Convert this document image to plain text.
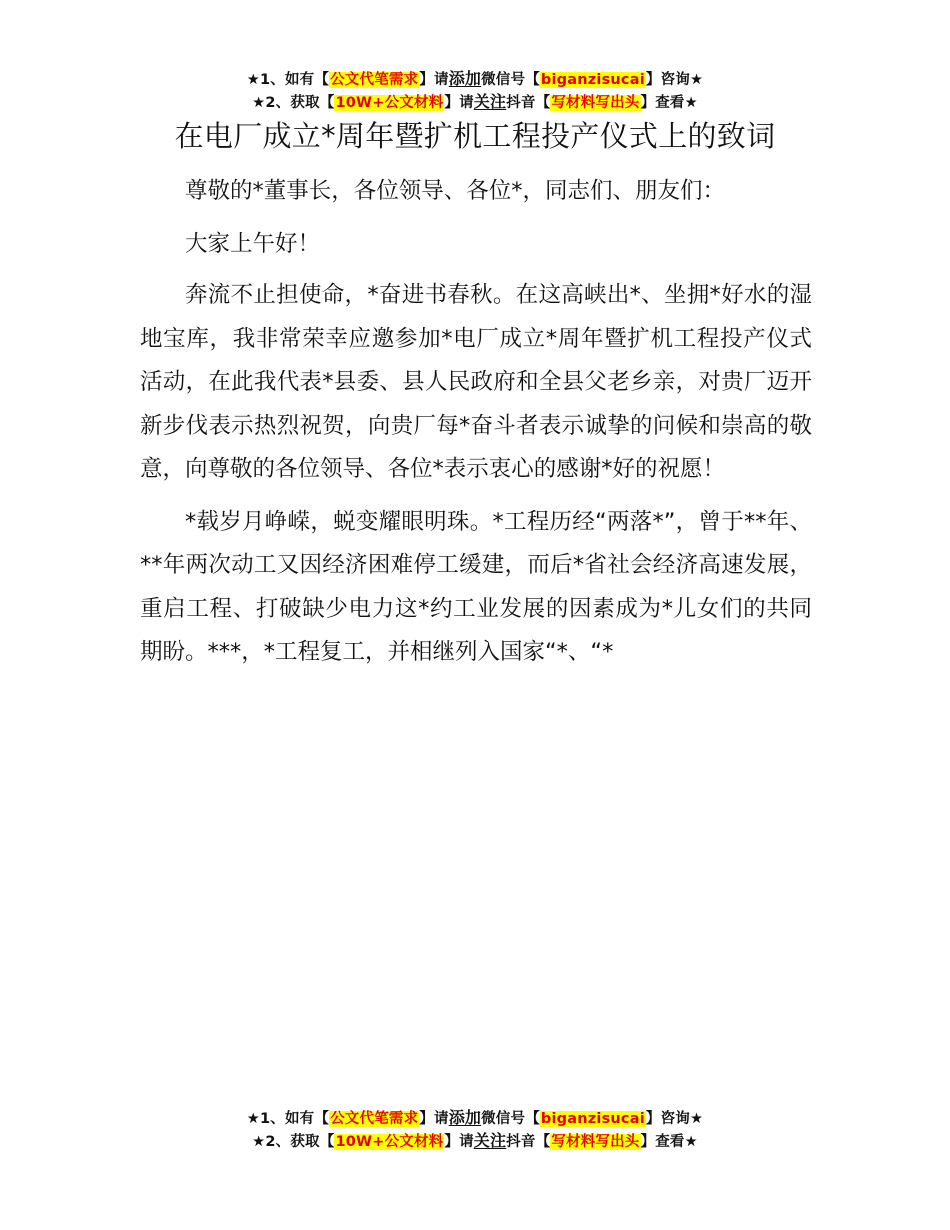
★1、如有【公文代笔需求】请添加微信号【biganzisucai】咨询★
★2、获取【10W+公文材料】请关注抖音【写材料写出头】查看★
在电厂成立*周年暨扩机工程投产仪式上的致词

尊敬的*董事长，各位领导、各位*，同志们、朋友们：

大家上午好！

奔流不止担使命，*奋进书春秋。在这高峡出*、坐拥*好水的湿地宝库，我非常荣幸应邀参加*电厂成立*周年暨扩机工程投产仪式活动，在此我代表*县委、县人民政府和全县父老乡亲，对贵厂迈开新步伐表示热烈祝贺，向贵厂每*奋斗者表示诚挚的问候和崇高的敬意，向尊敬的各位领导、各位*表示衷心的感谢*好的祝愿！

*载岁月峥嵘，蜕变耀眼明珠。*工程历经“两落*”，曾于**年、**年两次动工又因经济困难停工缓建，而后*省社会经济高速发展，重启工程、打破缺少电力这*约工业发展的因素成为*儿女们的共同期盼。***，*工程复工，并相继列入国家“*、“*

★1、如有【公文代笔需求】请添加微信号【biganzisucai】咨询★
★2、获取【10W+公文材料】请关注抖音【写材料写出头】查看★
